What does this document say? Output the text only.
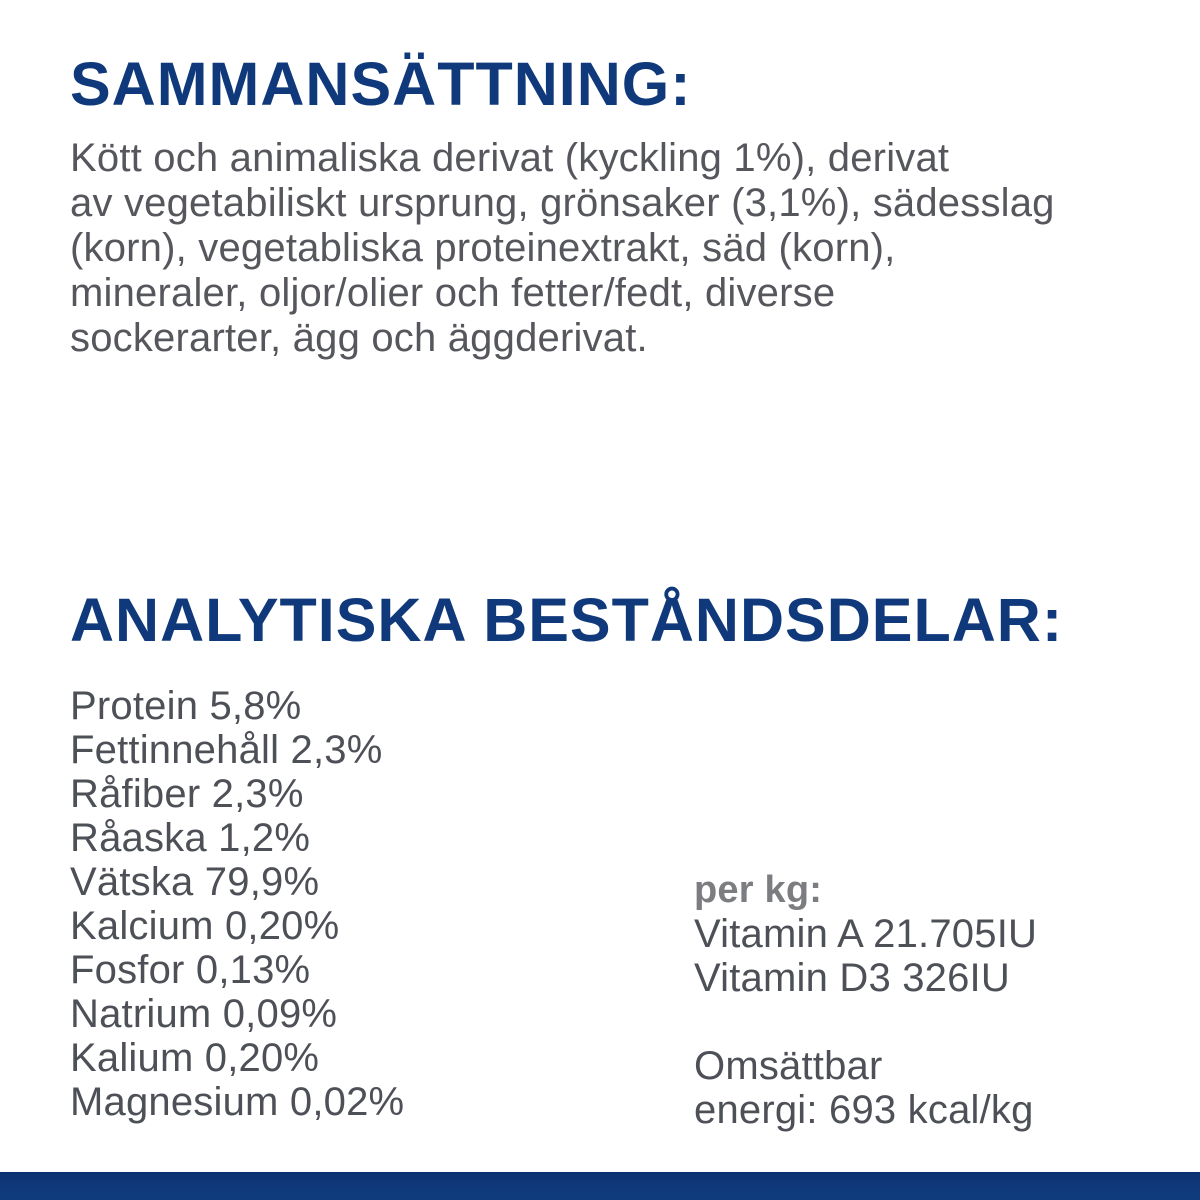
SAMMANSÄTTNING:
Kött och animaliska derivat (kyckling 1%), derivat
av vegetabiliskt ursprung, grönsaker (3,1%), sädesslag
(korn), vegetabliska proteinextrakt, säd (korn),
mineraler, oljor/olier och fetter/fedt, diverse
sockerarter, ägg och äggderivat.
ANALYTISKA BESTÅNDSDELAR:
Protein 5,8%
Fettinnehåll 2,3%
Råfiber 2,3%
Råaska 1,2%
Vätska 79,9%
Kalcium 0,20%
Fosfor 0,13%
Natrium 0,09%
Kalium 0,20%
Magnesium 0,02%
per kg:
Vitamin A 21.705IU
Vitamin D3 326IU
Omsättbar
energi: 693 kcal/kg
